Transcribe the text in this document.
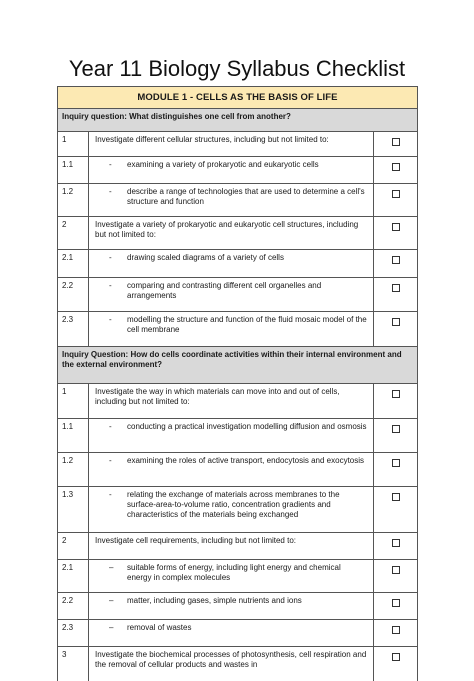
Year 11 Biology Syllabus Checklist
MODULE 1 - CELLS AS THE BASIS OF LIFE		
Inquiry question: What distinguishes one cell from another?		
1	Investigate different cellular structures, including but not limited to:	

1.1	- examining a variety of prokaryotic and eukaryotic cells	

1.2	- describe a range of technologies that are used to determine a cell's structure and function	

2	Investigate a variety of prokaryotic and eukaryotic cell structures, including but not limited to:	

2.1	- drawing scaled diagrams of a variety of cells	

2.2	- comparing and contrasting different cell organelles and arrangements	

2.3	- modelling the structure and function of the fluid mosaic model of the cell membrane	

Inquiry Question: How do cells coordinate activities within their internal environment and the external environment?		
1	Investigate the way in which materials can move into and out of cells, including but not limited to:	

1.1	- conducting a practical investigation modelling diffusion and osmosis	

1.2	- examining the roles of active transport, endocytosis and exocytosis	

1.3	- relating the exchange of materials across membranes to the surface-area-to-volume ratio, concentration gradients and characteristics of the materials being exchanged	

2	Investigate cell requirements, including but not limited to:	

2.1	– suitable forms of energy, including light energy and chemical energy in complex molecules	

2.2	– matter, including gases, simple nutrients and ions	

2.3	– removal of wastes	

3	Investigate the biochemical processes of photosynthesis, cell respiration and the removal of cellular products and wastes in	
